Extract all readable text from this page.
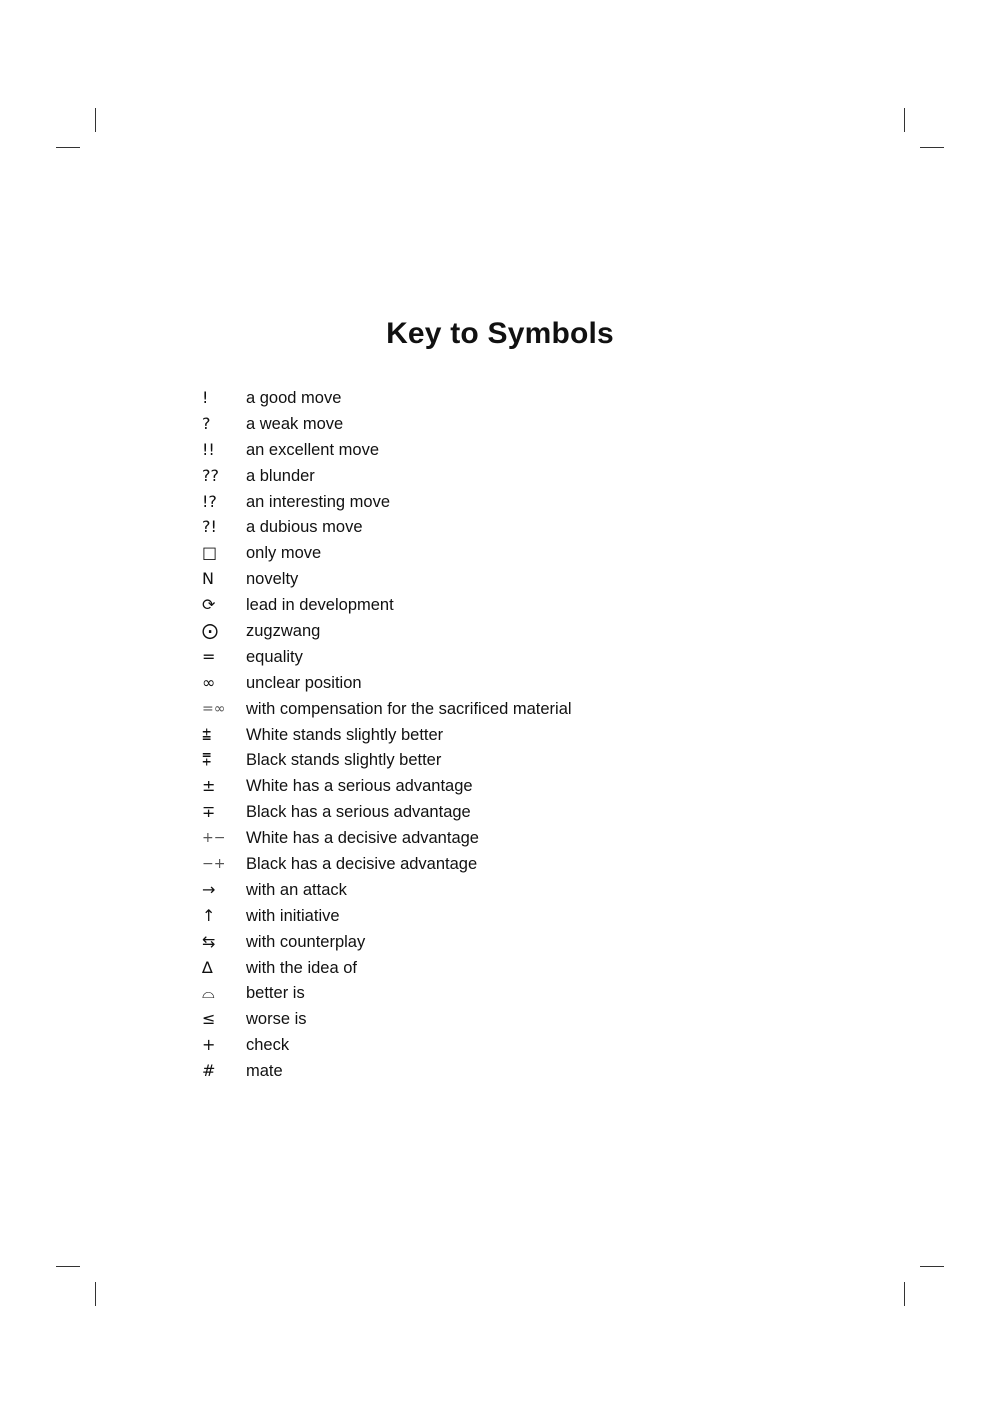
Key to Symbols
!	a good move
?	a weak move
!!	an excellent move
??	a blunder
!?	an interesting move
?!	a dubious move
□	only move
N	novelty
⟳	lead in development
⨀	zugzwang
=	equality
∞	unclear position
=∞	with compensation for the sacrificed material
⩲	White stands slightly better
⩱	Black stands slightly better
±	White has a serious advantage
∓	Black has a serious advantage
+−	White has a decisive advantage
−+	Black has a decisive advantage
→	with an attack
↑	with initiative
⇆	with counterplay
∆	with the idea of
⌓	better is
≤	worse is
+	check
#	mate
